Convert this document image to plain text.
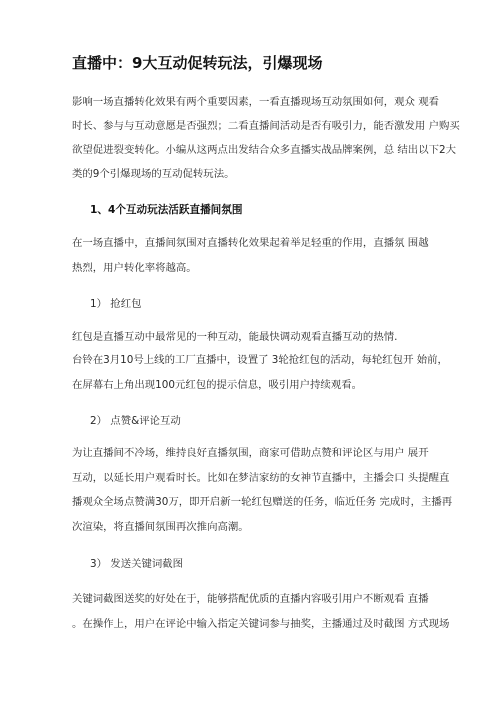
直播中：9大互动促转玩法，引爆现场
影响一场直播转化效果有两个重要因素，一看直播现场互动氛围如何，观众 观看
时长、参与与互动意愿是否强烈；二看直播间活动是否有吸引力，能否激发用 户购买
欲望促进裂变转化。小编从这两点出发结合众多直播实战品牌案例，总 结出以下2大
类的9个引爆现场的互动促转玩法。
1、4个互动玩法活跃直播间氛围
在一场直播中，直播间氛围对直播转化效果起着举足轻重的作用，直播氛 围越
热烈，用户转化率将越高。
1） 抢红包
红包是直播互动中最常见的一种互动，能最快调动观看直播互动的热情.
台铃在3月10号上线的工厂直播中，设置了 3轮抢红包的活动，每轮红包开 始前，
在屏幕右上角出现100元红包的提示信息，吸引用户持续观看。
2） 点赞&评论互动
为让直播间不冷场，维持良好直播氛围，商家可借助点赞和评论区与用户 展开
互动，以延长用户观看时长。比如在梦洁家纺的女神节直播中，主播会口 头提醒直
播观众全场点赞满30万，即开启新一轮红包赠送的任务，临近任务 完成时，主播再
次渲染，将直播间氛围再次推向高潮。
3） 发送关键词截图
关键词截图送奖的好处在于，能够搭配优质的直播内容吸引用户不断观看 直播
。在操作上，用户在评论中输入指定关键词参与抽奖，主播通过及时截图 方式现场
